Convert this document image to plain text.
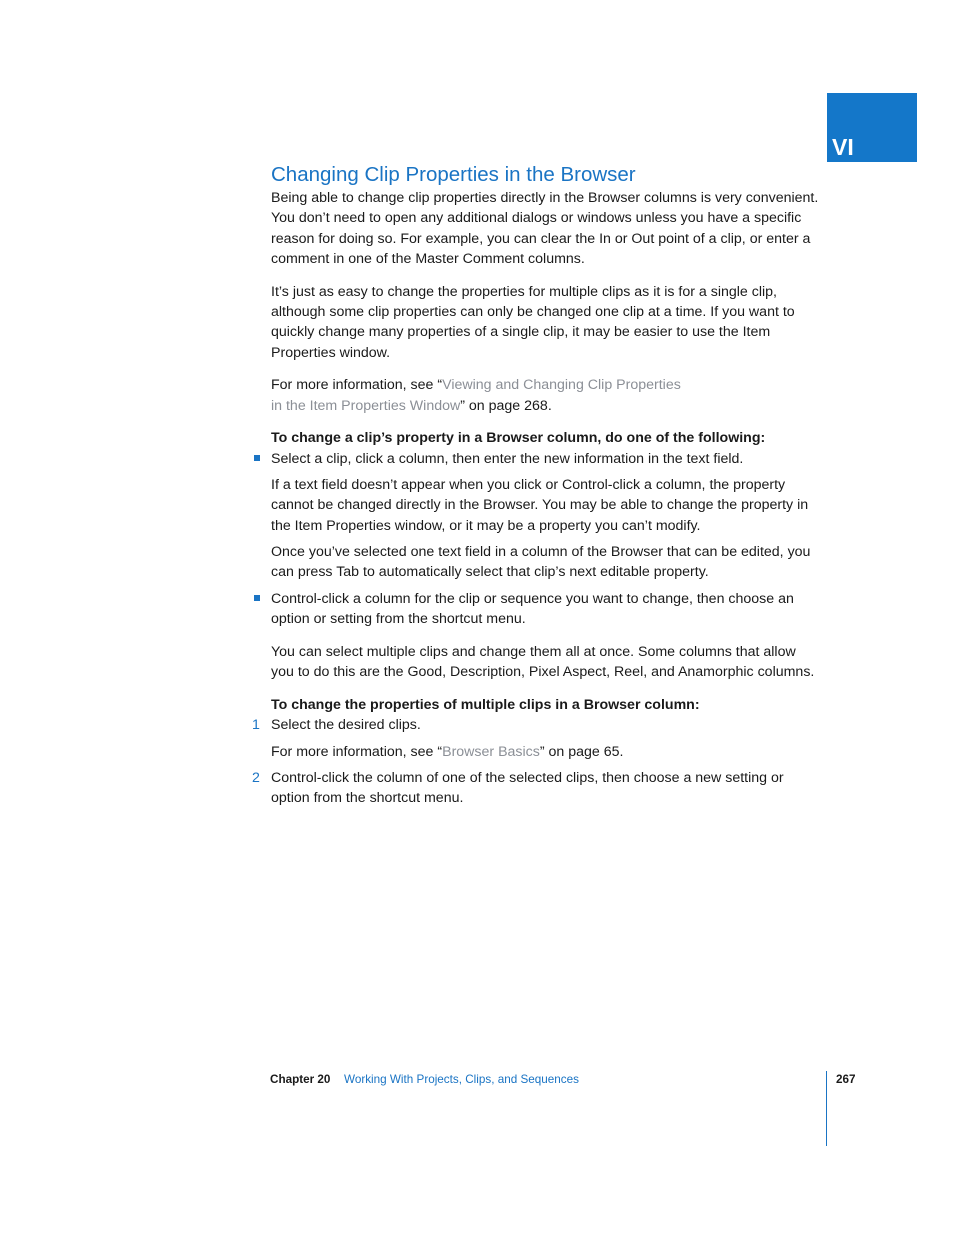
VI
Changing Clip Properties in the Browser

Being able to change clip properties directly in the Browser columns is very convenient.

You don’t need to open any additional dialogs or windows unless you have a specific

reason for doing so. For example, you can clear the In or Out point of a clip, or enter a

comment in one of the Master Comment columns.

It’s just as easy to change the properties for multiple clips as it is for a single clip,

although some clip properties can only be changed one clip at a time. If you want to

quickly change many properties of a single clip, it may be easier to use the Item

Properties window.

For more information, see “Viewing and Changing Clip Properties

in the Item Properties Window” on page 268.

To change a clip’s property in a Browser column, do one of the following:

Select a clip, click a column, then enter the new information in the text field.

If a text field doesn’t appear when you click or Control-click a column, the property

cannot be changed directly in the Browser. You may be able to change the property in

the Item Properties window, or it may be a property you can’t modify.

Once you’ve selected one text field in a column of the Browser that can be edited, you

can press Tab to automatically select that clip’s next editable property.

Control-click a column for the clip or sequence you want to change, then choose an

option or setting from the shortcut menu.

You can select multiple clips and change them all at once. Some columns that allow

you to do this are the Good, Description, Pixel Aspect, Reel, and Anamorphic columns.

To change the properties of multiple clips in a Browser column:

1 Select the desired clips.

For more information, see “Browser Basics” on page 65.

2 Control-click the column of one of the selected clips, then choose a new setting or

option from the shortcut menu.

Chapter 20 Working With Projects, Clips, and Sequences	267
